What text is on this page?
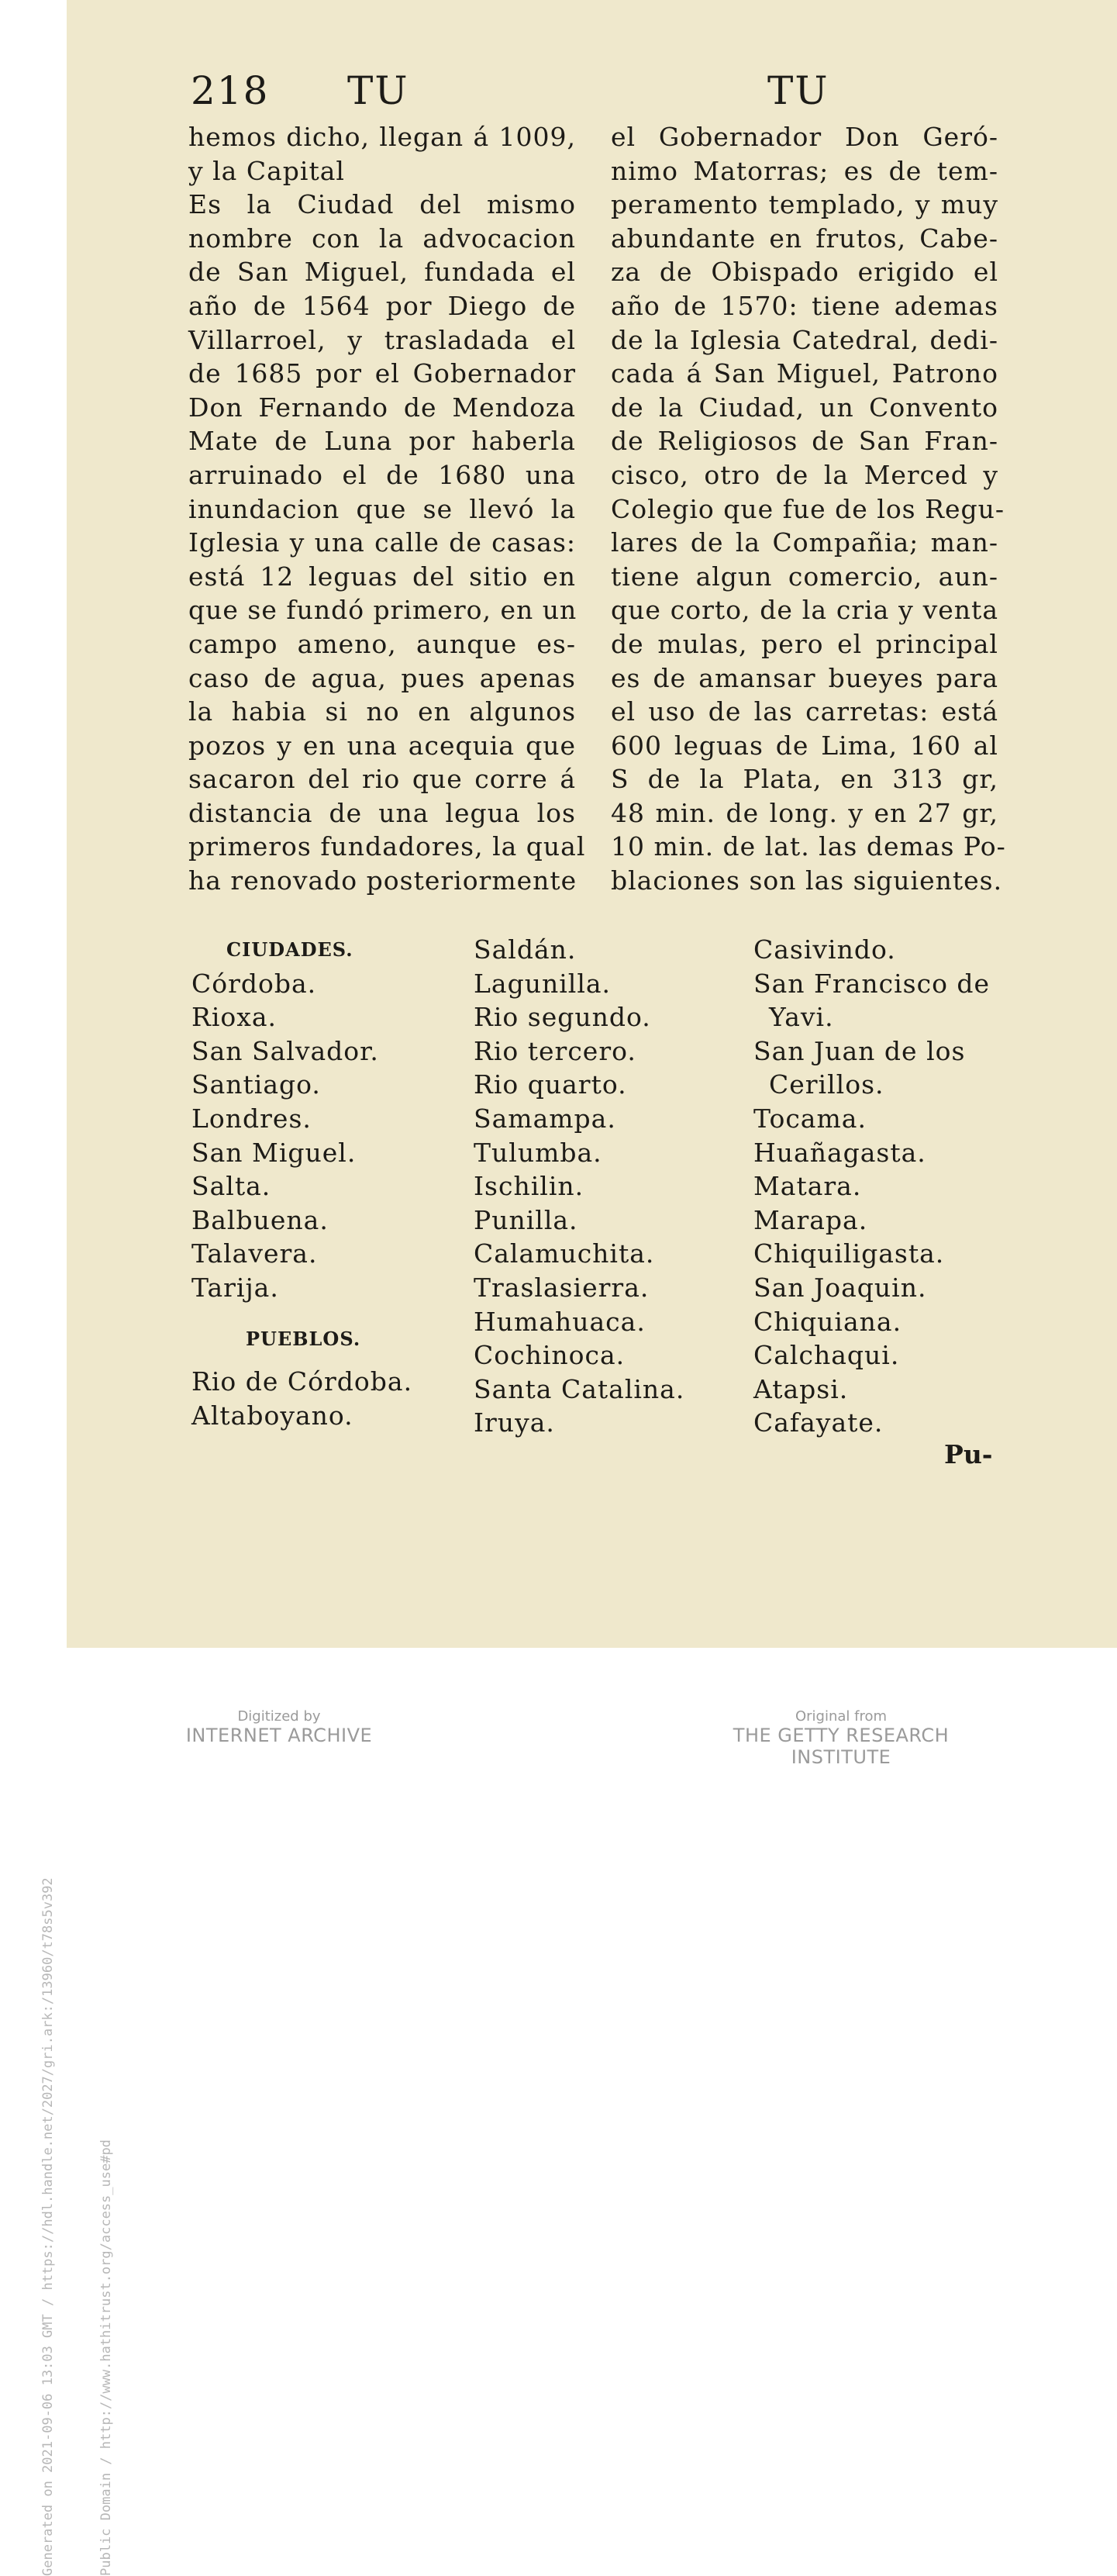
Generated on 2021-09-06 13:03 GMT / https://hdl.handle.net/2027/gri.ark:/13960/t78s5v392

	Public Domain / http://www.hathitrust.org/access_use#pd

218 TU	TU
hemos dicho, llegan á 1009,
y la Capital
Es la Ciudad del mismo
nombre con la advocacion
de San Miguel, fundada el
año de 1564 por Diego de
Villarroel, y trasladada el
de 1685 por el Gobernador
Don Fernando de Mendoza
Mate de Luna por haberla
arruinado el de 1680 una
inundacion que se llevó la
Iglesia y una calle de casas:
está 12 leguas del sitio en
que se fundó primero, en un
campo ameno, aunque es-
caso de agua, pues apenas
la habia si no en algunos
pozos y en una acequia que
sacaron del rio que corre á
distancia de una legua los
primeros fundadores, la qual
ha renovado posteriormente
el Gobernador Don Geró-
nimo Matorras; es de tem-
peramento templado, y muy
abundante en frutos, Cabe-
za de Obispado erigido el
año de 1570: tiene ademas
de la Iglesia Catedral, dedi-
cada á San Miguel, Patrono
de la Ciudad, un Convento
de Religiosos de San Fran-
cisco, otro de la Merced y
Colegio que fue de los Regu-
lares de la Compañia; man-
tiene algun comercio, aun-
que corto, de la cria y venta
de mulas, pero el principal
es de amansar bueyes para
el uso de las carretas: está
600 leguas de Lima, 160 al
S de la Plata, en 313 gr,
48 min. de long. y en 27 gr,
10 min. de lat. las demas Po-
blaciones son las siguientes.
CIUDADES.
Córdoba.
Rioxa.
San Salvador.
Santiago.
Londres.
San Miguel.
Salta.
Balbuena.
Talavera.
Tarija.
PUEBLOS.
Rio de Córdoba.
Altaboyano.
Saldán.
Lagunilla.
Rio segundo.
Rio tercero.
Rio quarto.
Samampa.
Tulumba.
Ischilin.
Punilla.
Calamuchita.
Traslasierra.
Humahuaca.
Cochinoca.
Santa Catalina.
Iruya.
Casivindo.
San Francisco de
Yavi.
San Juan de los
Cerillos.
Tocama.
Huañagasta.
Matara.
Marapa.
Chiquiligasta.
San Joaquin.
Chiquiana.
Calchaqui.
Atapsi.
Cafayate.
Pu-
Digitized by
INTERNET ARCHIVE
Original from
THE GETTY RESEARCH INSTITUTE
